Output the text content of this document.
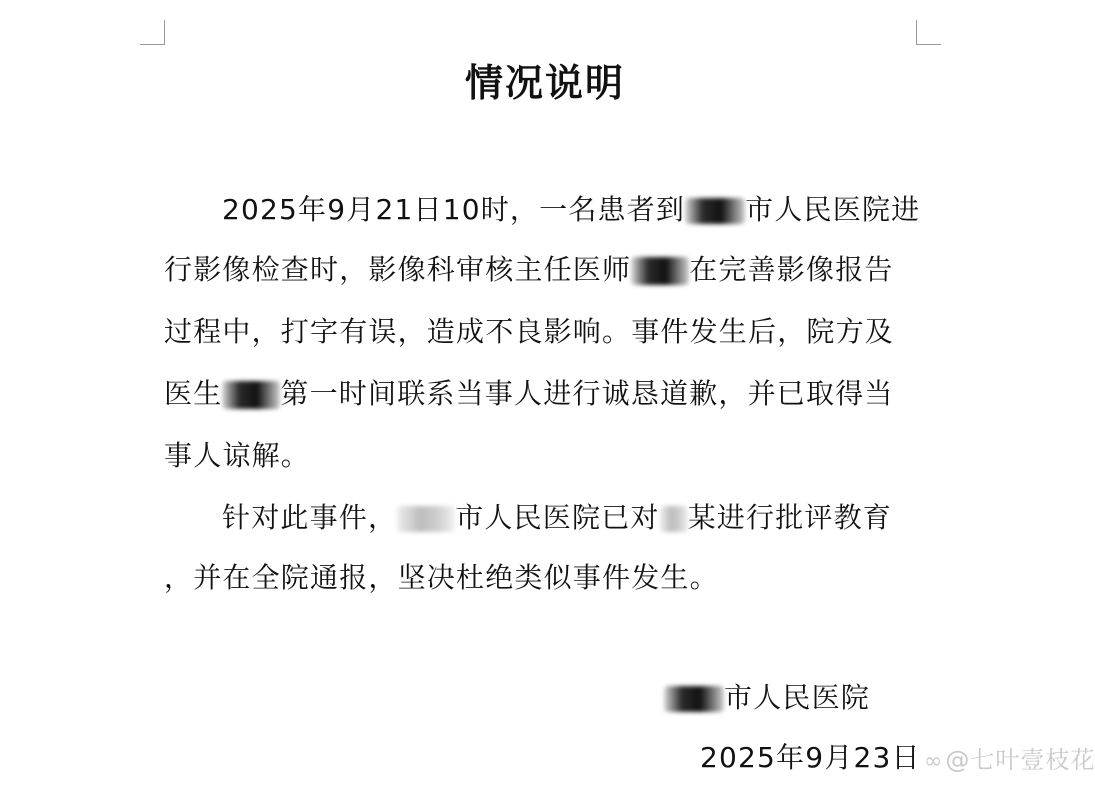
情况说明
2025年9月21日10时，一名患者到 市人民医院进
行影像检查时，影像科审核主任医师 在完善影像报告
过程中，打字有误，造成不良影响。事件发生后，院方及
医生 第一时间联系当事人进行诚恳道歉，并已取得当
事人谅解。
针对此事件， 市人民医院已对 某进行批评教育
，并在全院通报，坚决杜绝类似事件发生。
市人民医院
2025年9月23日 ∞@七叶壹枝花
